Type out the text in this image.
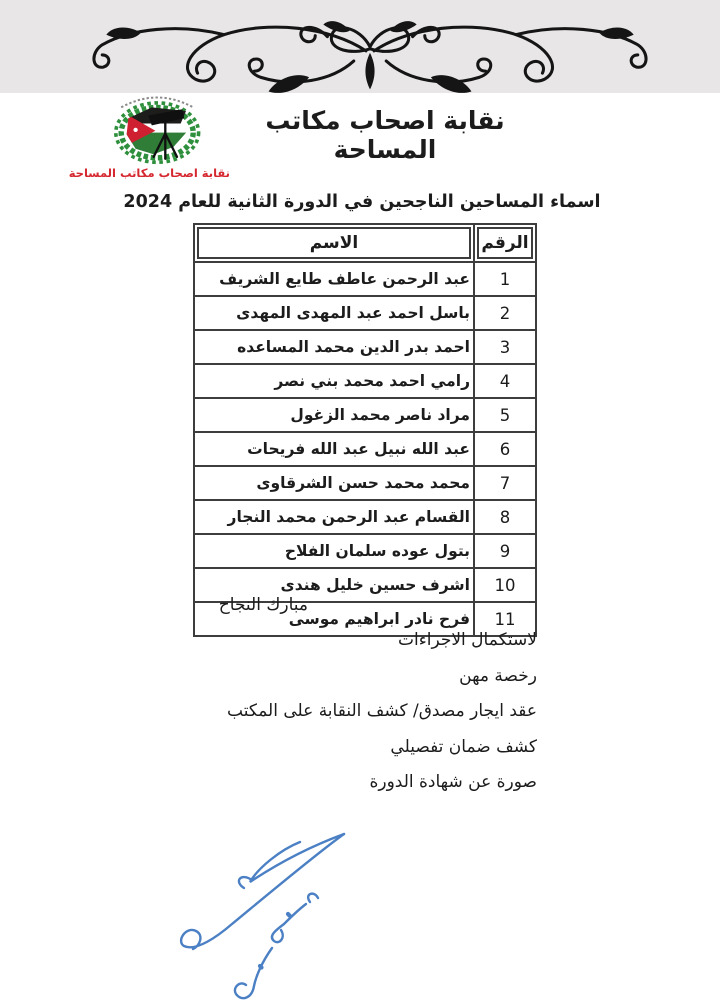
نقابة اصحاب مكاتب المساحة
نقابة اصحاب مكاتب المساحة
اسماء المساحين الناجحين في الدورة الثانية للعام 2024
الرقم	الاسم

1	عبد الرحمن عاطف طايع الشريف
2	باسل احمد عبد المهدى المهدى
3	احمد بدر الدين محمد المساعده
4	رامي احمد محمد بني نصر
5	مراد ناصر محمد الزغول
6	عبد الله نبيل عبد الله فريحات
7	محمد محمد حسن الشرقاوى
8	القسام عبد الرحمن محمد النجار
9	بتول عوده سلمان الفلاح
10	اشرف حسين خليل هندى
11	فرح نادر ابراهيم موسى
مبارك النجاح
لاستكمال الاجراءات
رخصة مهن
عقد ايجار مصدق/ كشف النقابة على المكتب
كشف ضمان تفصيلي
صورة عن شهادة الدورة
